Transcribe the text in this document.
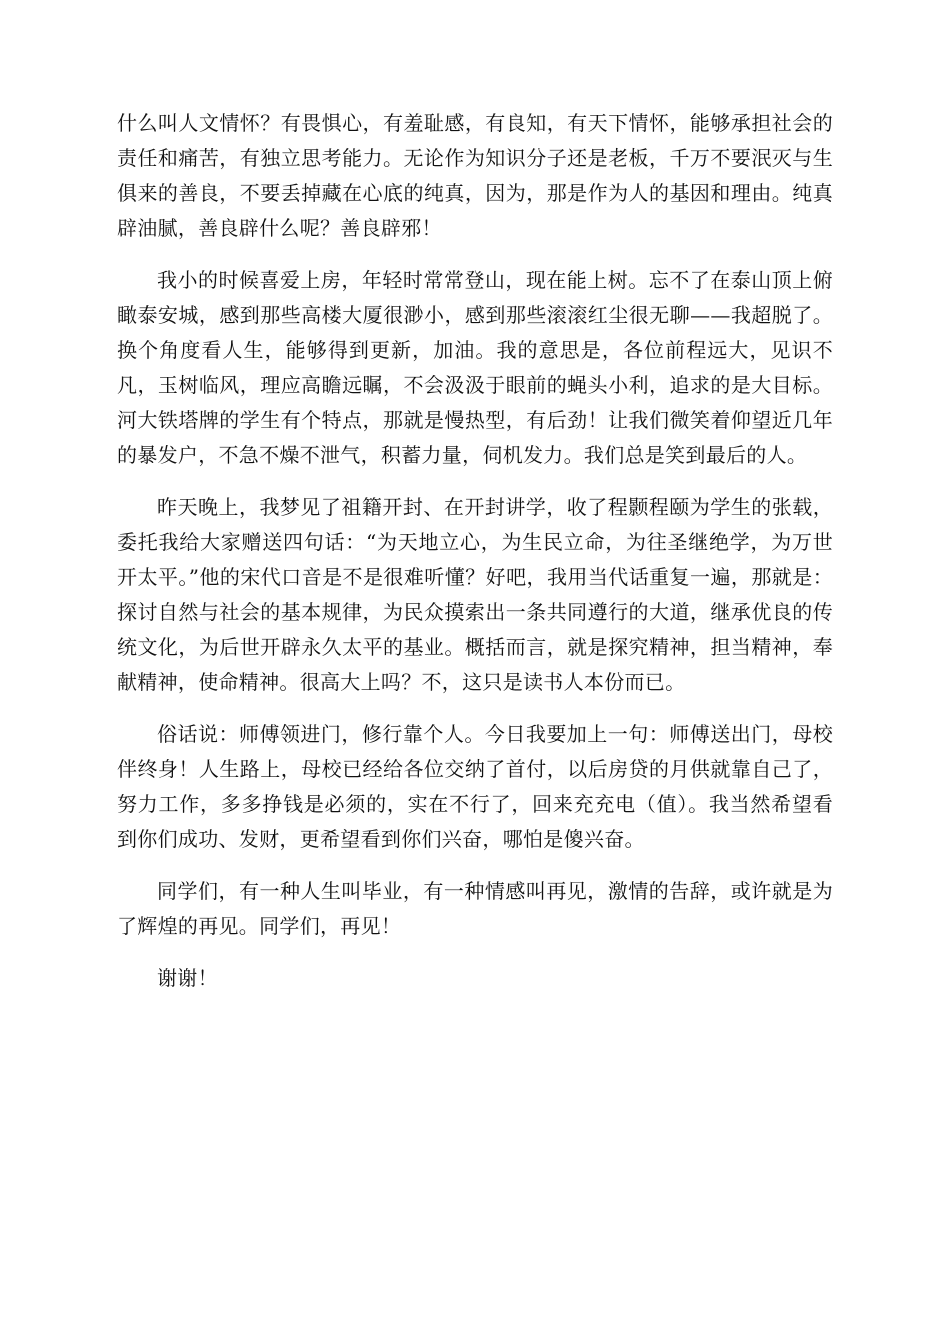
什么叫人文情怀？有畏惧心，有羞耻感，有良知，有天下情怀，能够承担社会的责任和痛苦，有独立思考能力。无论作为知识分子还是老板，千万不要泯灭与生俱来的善良，不要丢掉藏在心底的纯真，因为，那是作为人的基因和理由。纯真辟油腻，善良辟什么呢？善良辟邪！

我小的时候喜爱上房，年轻时常常登山，现在能上树。忘不了在泰山顶上俯瞰泰安城，感到那些高楼大厦很渺小，感到那些滚滚红尘很无聊——我超脱了。换个角度看人生，能够得到更新，加油。我的意思是，各位前程远大，见识不凡，玉树临风，理应高瞻远瞩，不会汲汲于眼前的蝇头小利，追求的是大目标。河大铁塔牌的学生有个特点，那就是慢热型，有后劲！让我们微笑着仰望近几年的暴发户，不急不燥不泄气，积蓄力量，伺机发力。我们总是笑到最后的人。

昨天晚上，我梦见了祖籍开封、在开封讲学，收了程颢程颐为学生的张载，委托我给大家赠送四句话：“为天地立心，为生民立命，为往圣继绝学，为万世开太平。”他的宋代口音是不是很难听懂？好吧，我用当代话重复一遍，那就是：探讨自然与社会的基本规律，为民众摸索出一条共同遵行的大道，继承优良的传统文化，为后世开辟永久太平的基业。概括而言，就是探究精神，担当精神，奉献精神，使命精神。很高大上吗？不，这只是读书人本份而已。

俗话说：师傅领进门，修行靠个人。今日我要加上一句：师傅送出门，母校伴终身！人生路上，母校已经给各位交纳了首付，以后房贷的月供就靠自己了，努力工作，多多挣钱是必须的，实在不行了，回来充充电（值）。我当然希望看到你们成功、发财，更希望看到你们兴奋，哪怕是傻兴奋。

同学们，有一种人生叫毕业，有一种情感叫再见，激情的告辞，或许就是为了辉煌的再见。同学们，再见！

谢谢！
